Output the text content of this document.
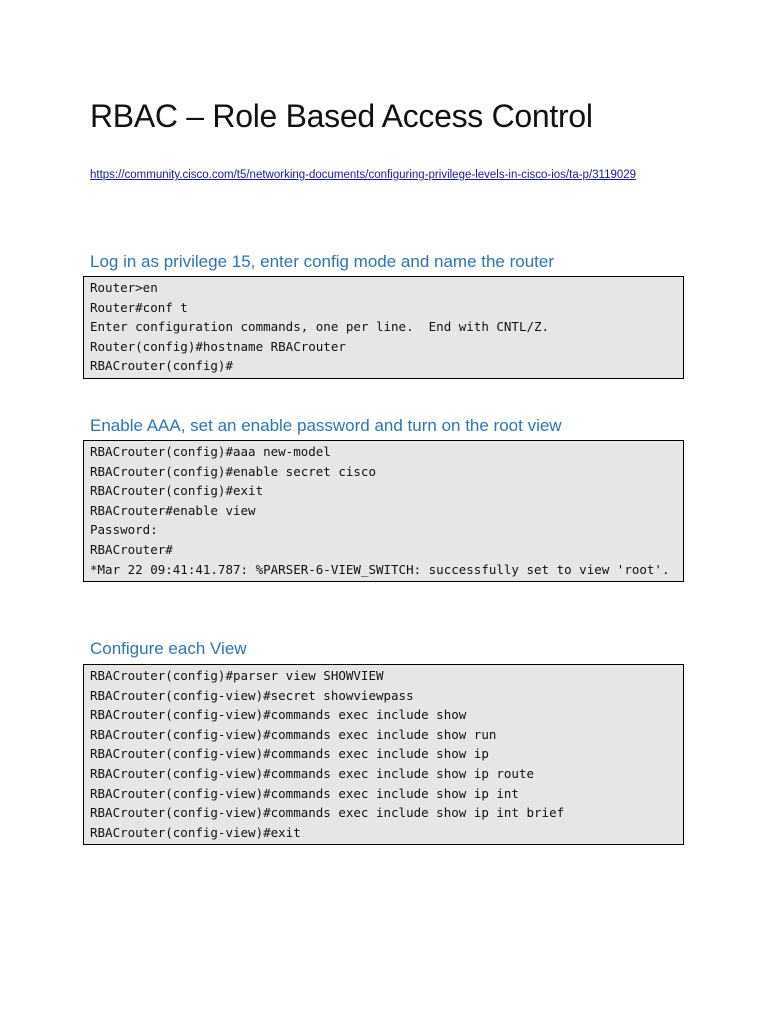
RBAC – Role Based Access Control
https://community.cisco.com/t5/networking-documents/configuring-privilege-levels-in-cisco-ios/ta-p/3119029
Log in as privilege 15, enter config mode and name the router
Router>en
Router#conf t
Enter configuration commands, one per line.  End with CNTL/Z.
Router(config)#hostname RBACrouter
RBACrouter(config)#
Enable AAA, set an enable password and turn on the root view
RBACrouter(config)#aaa new-model
RBACrouter(config)#enable secret cisco
RBACrouter(config)#exit
RBACrouter#enable view
Password:
RBACrouter#
*Mar 22 09:41:41.787: %PARSER-6-VIEW_SWITCH: successfully set to view 'root'.
Configure each View
RBACrouter(config)#parser view SHOWVIEW
RBACrouter(config-view)#secret showviewpass
RBACrouter(config-view)#commands exec include show
RBACrouter(config-view)#commands exec include show run
RBACrouter(config-view)#commands exec include show ip
RBACrouter(config-view)#commands exec include show ip route
RBACrouter(config-view)#commands exec include show ip int
RBACrouter(config-view)#commands exec include show ip int brief
RBACrouter(config-view)#exit
